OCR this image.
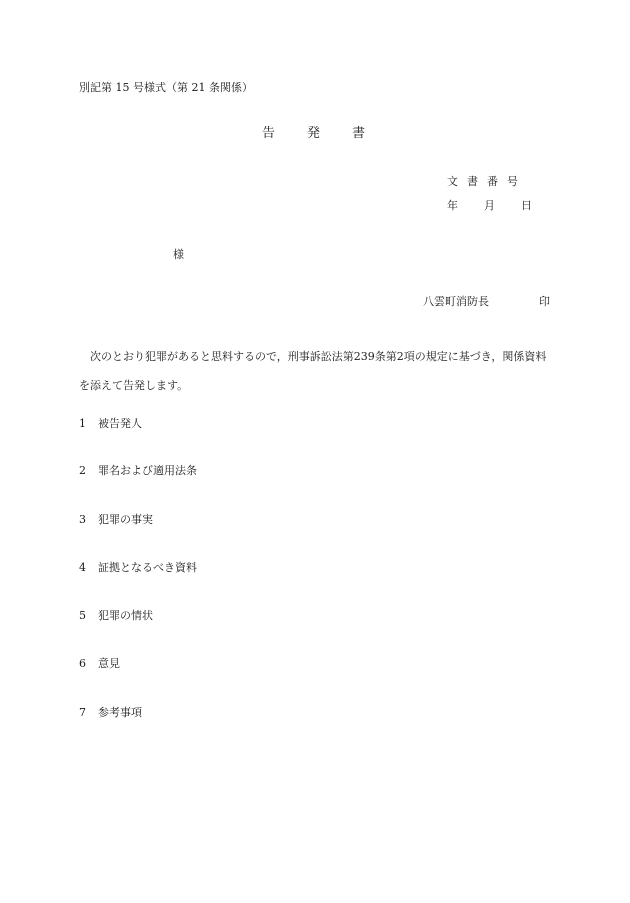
別記第 15 号様式（第 21 条関係）
告発書
文書番号
年	月	日
様
八雲町消防長	印
次のとおり犯罪があると思料するので，刑事訴訟法第239条第2項の規定に基づき，関係資料を添えて告発します。
1	被告発人
2	罪名および適用法条
3	犯罪の事実
4	証拠となるべき資料
5	犯罪の情状
6	意見
7	参考事項
